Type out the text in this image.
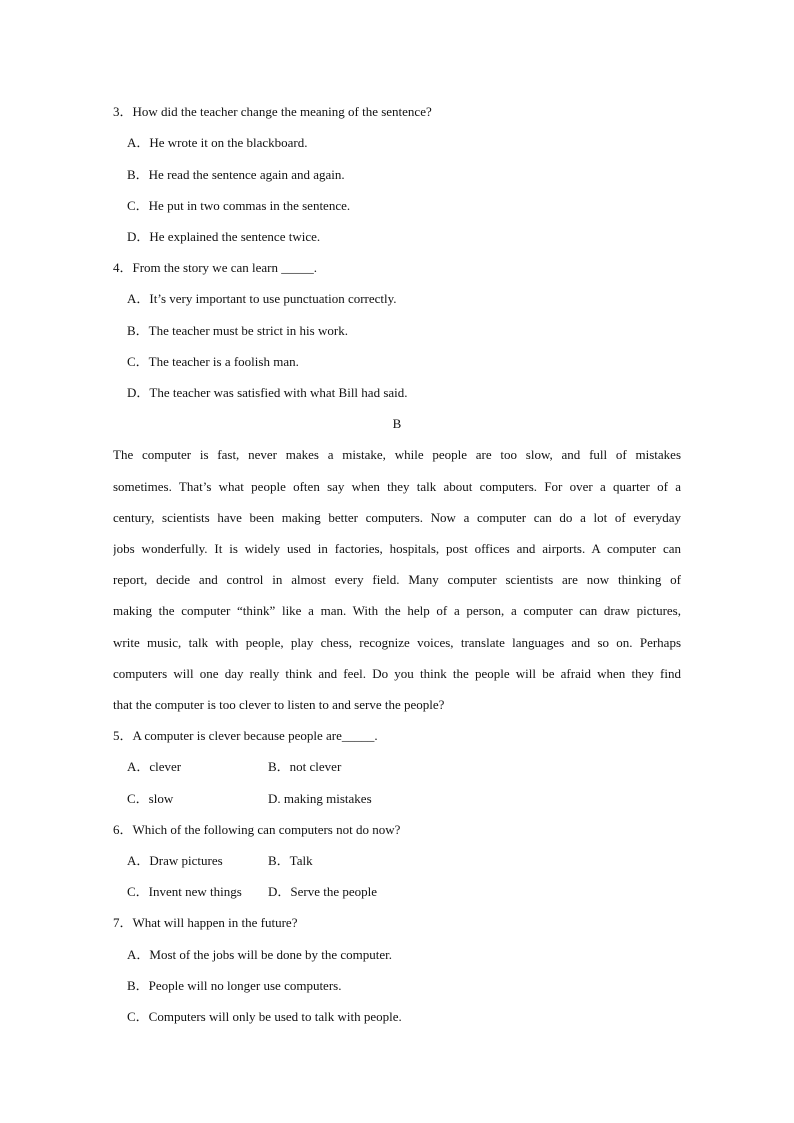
3．How did the teacher change the meaning of the sentence?
A．He wrote it on the blackboard.
B．He read the sentence again and again.
C．He put in two commas in the sentence.
D．He explained the sentence twice.
4．From the story we can learn _____.
A．It’s very important to use punctuation correctly.
B．The teacher must be strict in his work.
C．The teacher is a foolish man.
D．The teacher was satisfied with what Bill had said.
B
The computer is fast, never makes a mistake, while people are too slow, and full of mistakes
sometimes. That’s what people often say when they talk about computers. For over a quarter of a
century, scientists have been making better computers. Now a computer can do a lot of everyday
jobs wonderfully. It is widely used in factories, hospitals, post offices and airports. A computer can
report, decide and control in almost every field. Many computer scientists are now thinking of
making the computer “think” like a man. With the help of a person, a computer can draw pictures,
write music, talk with people, play chess, recognize voices, translate languages and so on. Perhaps
computers will one day really think and feel. Do you think the people will be afraid when they find
that the computer is too clever to listen to and serve the people?
5．A computer is clever because people are_____.
A．clever	B．not clever
C．slow	D. making mistakes
6．Which of the following can computers not do now?
A．Draw pictures	B．Talk
C．Invent new things D．Serve the people
7．What will happen in the future?
A．Most of the jobs will be done by the computer.
B．People will no longer use computers.
C．Computers will only be used to talk with people.
